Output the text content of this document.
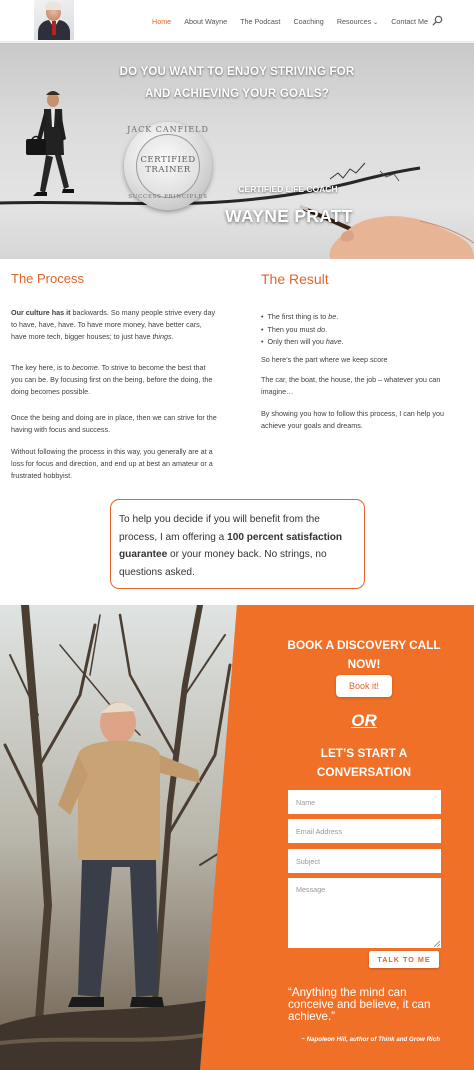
Home About Wayne The Podcast Coaching Resources ⌄ Contact Me
DO YOU WANT TO ENJOY STRIVING FOR
AND ACHIEVING YOUR GOALS?
JACK CANFIELD
CERTIFIED
TRAINER
SUCCESS PRINCIPLES
CERTIFIED LIFE COACH
WAYNE PRATT
The Process

Our culture has it backwards. So many people strive every day to have, have, have. To have more money, have better cars, have more tech, bigger houses; to just have things.

The key here, is to become. To strive to become the best that you can be. By focusing first on the being, before the doing, the doing becomes possible.

Once the being and doing are in place, then we can strive for the having with focus and success.

Without following the process in this way, you generally are at a loss for focus and direction, and end up at best an amateur or a frustrated hobbyist.

The Result
• The first thing is to be.
• Then you must do.
• Only then will you have.

So here’s the part where we keep score

The car, the boat, the house, the job – whatever you can imagine…

By showing you how to follow this process, I can help you achieve your goals and dreams.

To help you decide if you will benefit from the process, I am offering a 100 percent satisfaction guarantee or your money back. No strings, no questions asked.
BOOK A DISCOVERY CALL NOW!
Book it!
OR
LET’S START A CONVERSATION
Name
Email Address
Subject
Message
TALK TO ME
“Anything the mind can conceive and believe, it can achieve.”
~ Napoleon Hill, author of Think and Grow Rich
